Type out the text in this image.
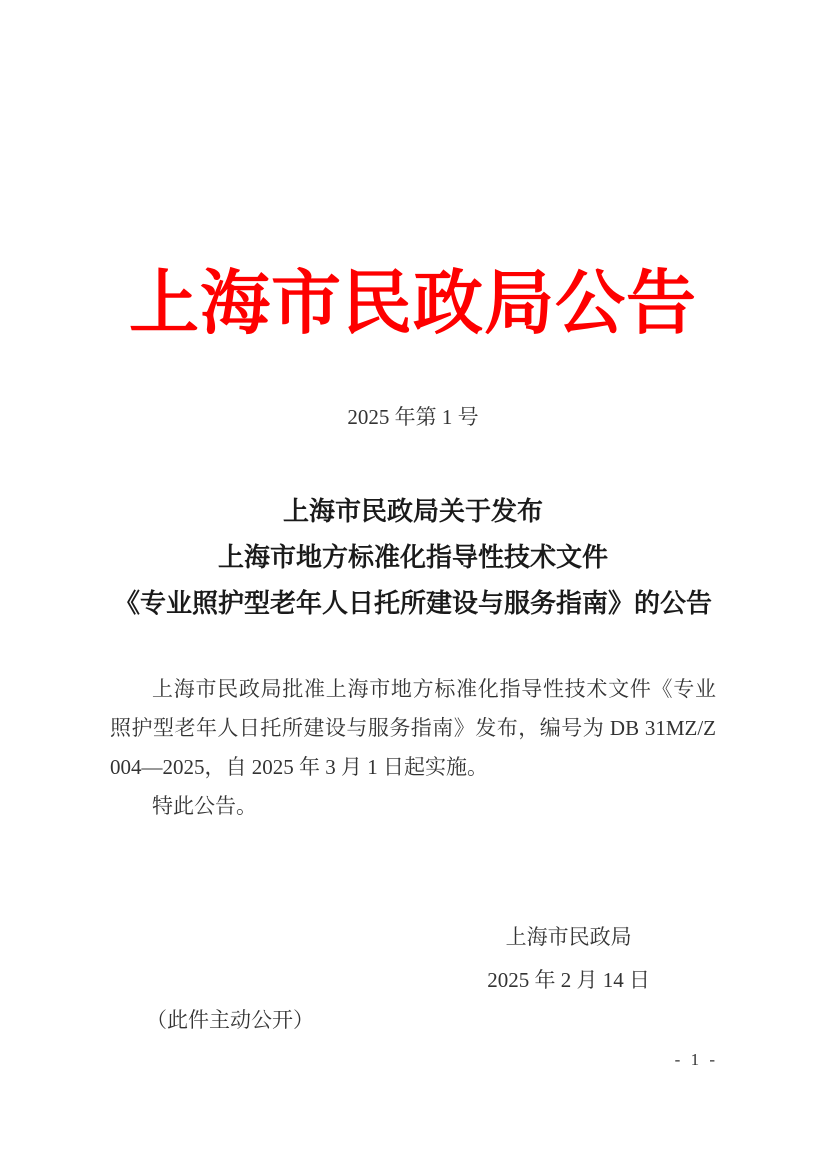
上海市民政局公告
2025 年第 1 号
上海市民政局关于发布
上海市地方标准化指导性技术文件
《专业照护型老年人日托所建设与服务指南》的公告
上海市民政局批准上海市地方标准化指导性技术文件《专业
照护型老年人日托所建设与服务指南》发布，编号为 DB 31MZ/Z
004—2025，自 2025 年 3 月 1 日起实施。
特此公告。
上海市民政局
2025 年 2 月 14 日
（此件主动公开）
- 1 -
